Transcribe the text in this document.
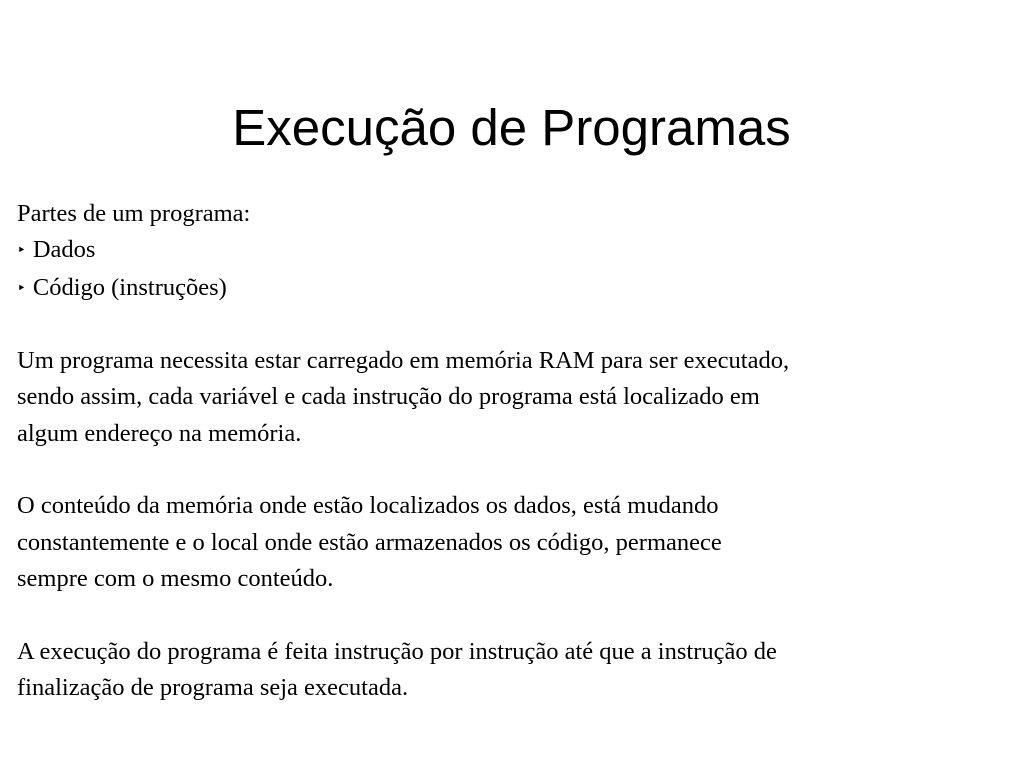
Execução de Programas
Partes de um programa:
‣ Dados
‣ Código (instruções)
Um programa necessita estar carregado em memória RAM para ser executado,
sendo assim, cada variável e cada instrução do programa está localizado em
algum endereço na memória.
O conteúdo da memória onde estão localizados os dados, está mudando
constantemente e o local onde estão armazenados os código, permanece
sempre com o mesmo conteúdo.
A execução do programa é feita instrução por instrução até que a instrução de
finalização de programa seja executada.
